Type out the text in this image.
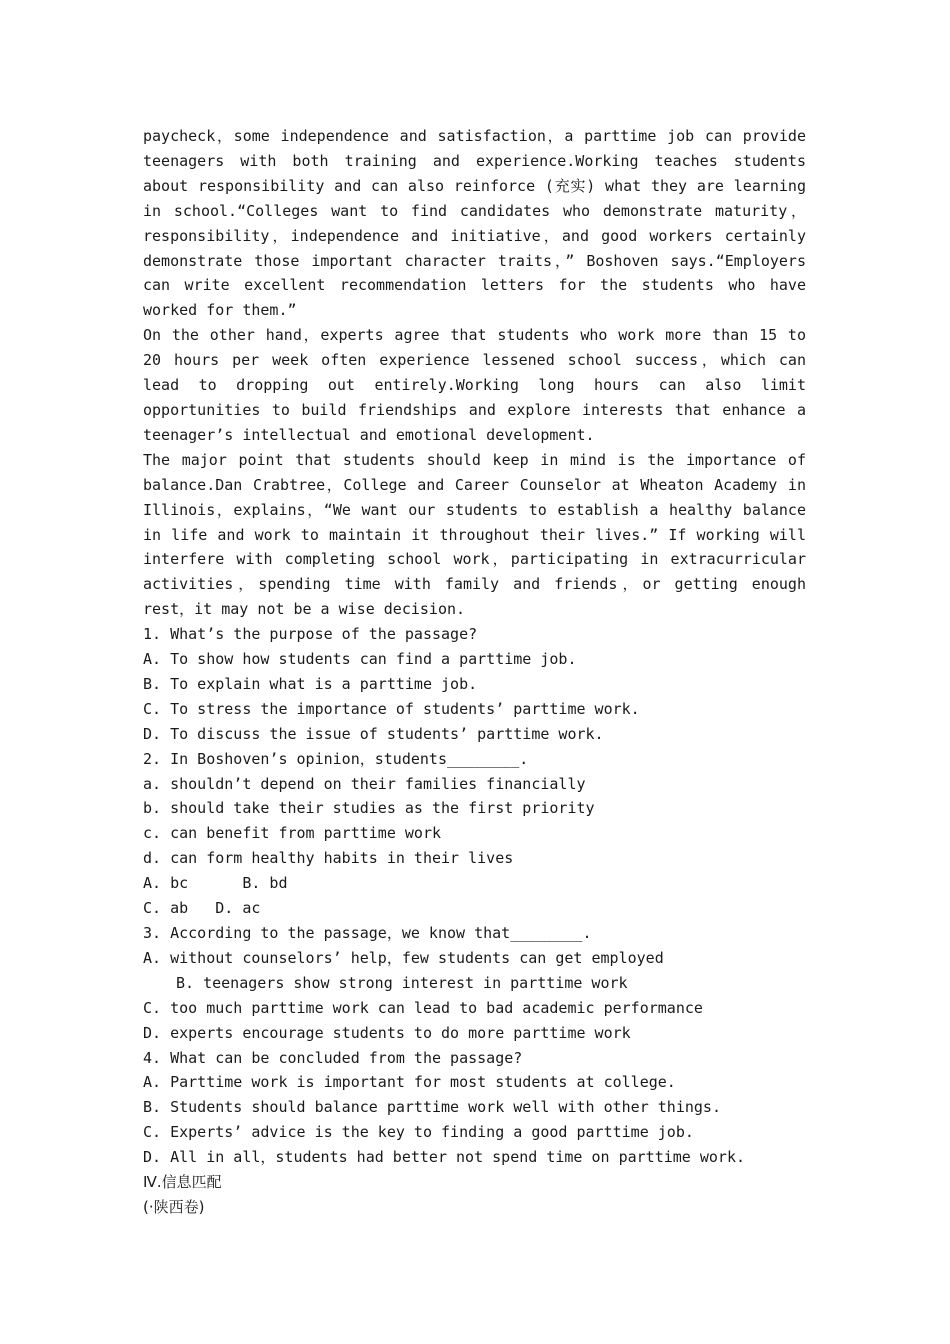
paycheck，some independence and satisfaction，a parttime job can provide teenagers with both training and experience.Working teaches students about responsibility and can also reinforce (充实) what they are learning in school.“Colleges want to find candidates who demonstrate maturity，responsibility，independence and initiative，and good workers certainly demonstrate those important character traits，” Boshoven says.“Employers can write excellent recommendation letters for the students who have worked for them.”

On the other hand，experts agree that students who work more than 15 to 20 hours per week often experience lessened school success，which can lead to dropping out entirely.Working long hours can also limit opportunities to build friendships and explore interests that enhance a teenager’s intellectual and emotional development.

The major point that students should keep in mind is the importance of balance.Dan Crabtree，College and Career Counselor at Wheaton Academy in Illinois，explains，“We want our students to establish a healthy balance in life and work to maintain it throughout their lives.” If working will interfere with completing school work，participating in extracurricular activities，spending time with family and friends，or getting enough rest，it may not be a wise decision.

1. What’s the purpose of the passage?

A. To show how students can find a parttime job.

B. To explain what is a parttime job.

C. To stress the importance of students’ parttime work.

D. To discuss the issue of students’ parttime work.

2. In Boshoven’s opinion，students________.

a. shouldn’t depend on their families financially

b. should take their studies as the first priority

c. can benefit from parttime work

d. can form healthy habits in their lives

A. bc      B. bd

C. ab   D. ac

3. According to the passage，we know that________.

A. without counselors’ help，few students can get employed

B. teenagers show strong interest in parttime work

C. too much parttime work can lead to bad academic performance

D. experts encourage students to do more parttime work

4. What can be concluded from the passage?

A. Parttime work is important for most students at college.

B. Students should balance parttime work well with other things.

C. Experts’ advice is the key to finding a good parttime job.

D. All in all，students had better not spend time on parttime work.

Ⅳ.信息匹配

(·陕西卷)
